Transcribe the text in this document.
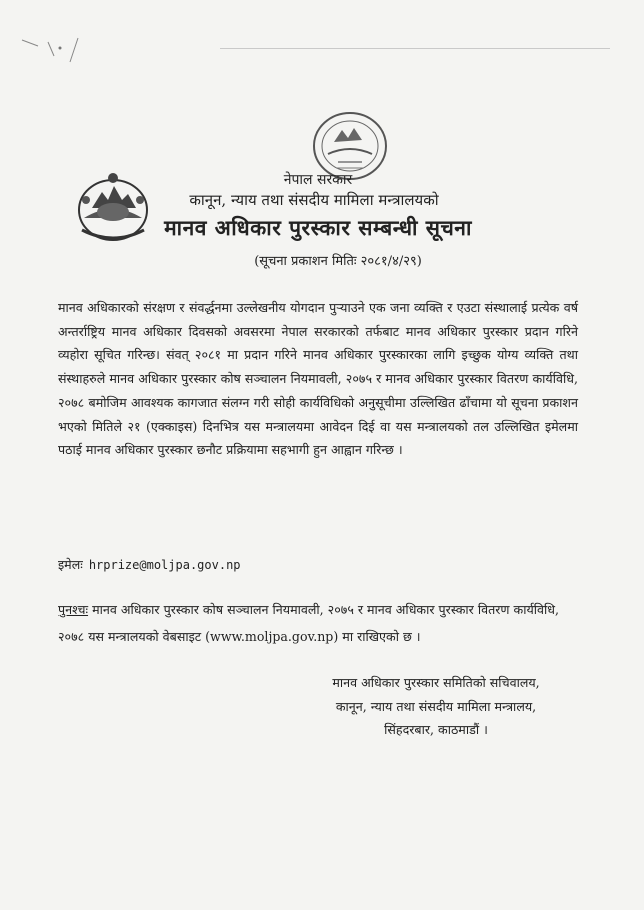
नेपाल सरकार
कानून, न्याय तथा संसदीय मामिला मन्त्रालयको
मानव अधिकार पुरस्कार सम्बन्धी सूचना
(सूचना प्रकाशन मितिः २०८१/४/२९)
मानव अधिकारको संरक्षण र संवर्द्धनमा उल्लेखनीय योगदान पुऱ्याउने एक जना व्यक्ति र एउटा संस्थालाई प्रत्येक वर्ष अन्तर्राष्ट्रिय मानव अधिकार दिवसको अवसरमा नेपाल सरकारको तर्फबाट मानव अधिकार पुरस्कार प्रदान गरिने व्यहोरा सूचित गरिन्छ। संवत् २०८१ मा प्रदान गरिने मानव अधिकार पुरस्कारका लागि इच्छुक योग्य व्यक्ति तथा संस्थाहरुले मानव अधिकार पुरस्कार कोष सञ्चालन नियमावली, २०७५ र मानव अधिकार पुरस्कार वितरण कार्यविधि, २०७८ बमोजिम आवश्यक कागजात संलग्न गरी सोही कार्यविधिको अनुसूचीमा उल्लिखित ढाँचामा यो सूचना प्रकाशन भएको मितिले २१ (एक्काइस) दिनभित्र यस मन्त्रालयमा आवेदन दिई वा यस मन्त्रालयको तल उल्लिखित इमेलमा पठाई मानव अधिकार पुरस्कार छनौट प्रक्रियामा सहभागी हुन आह्वान गरिन्छ ।
इमेलः hrprize@moljpa.gov.np
पुनश्चः मानव अधिकार पुरस्कार कोष सञ्चालन नियमावली, २०७५ र मानव अधिकार पुरस्कार वितरण कार्यविधि, २०७८ यस मन्त्रालयको वेबसाइट (www.moljpa.gov.np) मा राखिएको छ ।
मानव अधिकार पुरस्कार समितिको सचिवालय,
कानून, न्याय तथा संसदीय मामिला मन्त्रालय,
सिंहदरबार, काठमाडौं ।
